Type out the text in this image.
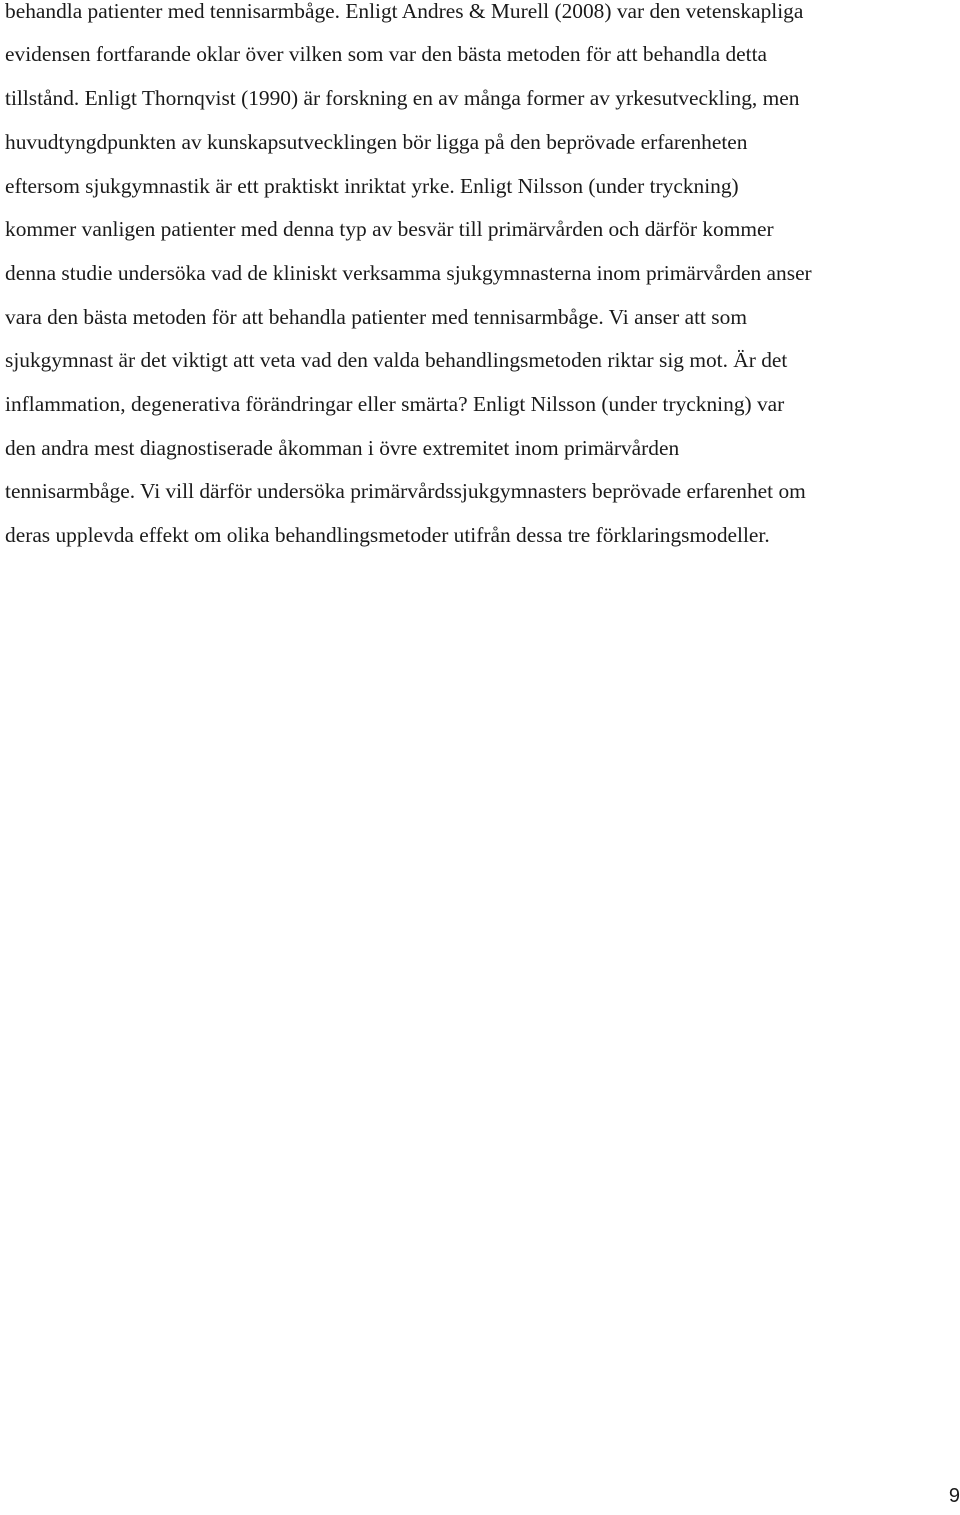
behandla patienter med tennisarmbåge. Enligt Andres & Murell (2008) var den vetenskapliga
evidensen fortfarande oklar över vilken som var den bästa metoden för att behandla detta
tillstånd. Enligt Thornqvist (1990) är forskning en av många former av yrkesutveckling, men
huvudtyngdpunkten av kunskapsutvecklingen bör ligga på den beprövade erfarenheten
eftersom sjukgymnastik är ett praktiskt inriktat yrke. Enligt Nilsson (under tryckning)
kommer vanligen patienter med denna typ av besvär till primärvården och därför kommer
denna studie undersöka vad de kliniskt verksamma sjukgymnasterna inom primärvården anser
vara den bästa metoden för att behandla patienter med tennisarmbåge. Vi anser att som
sjukgymnast är det viktigt att veta vad den valda behandlingsmetoden riktar sig mot. Är det
inflammation, degenerativa förändringar eller smärta? Enligt Nilsson (under tryckning) var
den andra mest diagnostiserade åkomman i övre extremitet inom primärvården
tennisarmbåge. Vi vill därför undersöka primärvårdssjukgymnasters beprövade erfarenhet om
deras upplevda effekt om olika behandlingsmetoder utifrån dessa tre förklaringsmodeller.
9
